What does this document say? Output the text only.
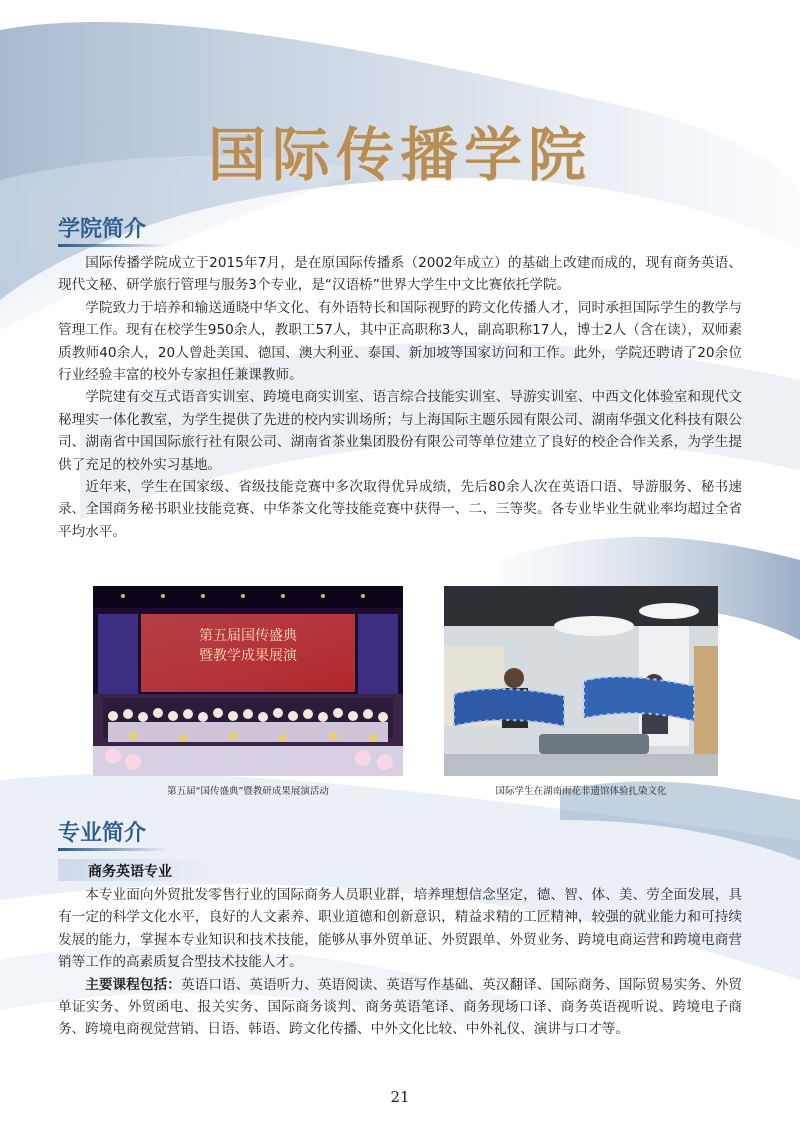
国际传播学院
学院简介

国际传播学院成立于2015年7月，是在原国际传播系（2002年成立）的基础上改建而成的，现有商务英语、现代文秘、研学旅行管理与服务3个专业，是“汉语桥”世界大学生中文比赛依托学院。

学院致力于培养和输送通晓中华文化、有外语特长和国际视野的跨文化传播人才，同时承担国际学生的教学与管理工作。现有在校学生950余人，教职工57人，其中正高职称3人，副高职称17人，博士2人（含在读），双师素质教师40余人，20人曾赴美国、德国、澳大利亚、泰国、新加坡等国家访问和工作。此外，学院还聘请了20余位行业经验丰富的校外专家担任兼课教师。

学院建有交互式语音实训室、跨境电商实训室、语言综合技能实训室、导游实训室、中西文化体验室和现代文秘理实一体化教室，为学生提供了先进的校内实训场所；与上海国际主题乐园有限公司、湖南华强文化科技有限公司、湖南省中国国际旅行社有限公司、湖南省茶业集团股份有限公司等单位建立了良好的校企合作关系，为学生提供了充足的校外实习基地。

近年来，学生在国家级、省级技能竞赛中多次取得优异成绩，先后80余人次在英语口语、导游服务、秘书速录、全国商务秘书职业技能竞赛、中华茶文化等技能竞赛中获得一、二、三等奖。各专业毕业生就业率均超过全省平均水平。

第五届国传盛典
暨教学成果展演
第五届“国传盛典”暨教研成果展演活动	国际学生在湖南雨花非遗馆体验扎染文化
专业简介
商务英语专业

本专业面向外贸批发零售行业的国际商务人员职业群，培养理想信念坚定，德、智、体、美、劳全面发展，具有一定的科学文化水平，良好的人文素养、职业道德和创新意识，精益求精的工匠精神，较强的就业能力和可持续发展的能力，掌握本专业知识和技术技能，能够从事外贸单证、外贸跟单、外贸业务、跨境电商运营和跨境电商营销等工作的高素质复合型技术技能人才。

主要课程包括：英语口语、英语听力、英语阅读、英语写作基础、英汉翻译、国际商务、国际贸易实务、外贸单证实务、外贸函电、报关实务、国际商务谈判、商务英语笔译、商务现场口译、商务英语视听说、跨境电子商务、跨境电商视觉营销、日语、韩语、跨文化传播、中外文化比较、中外礼仪、演讲与口才等。

21
